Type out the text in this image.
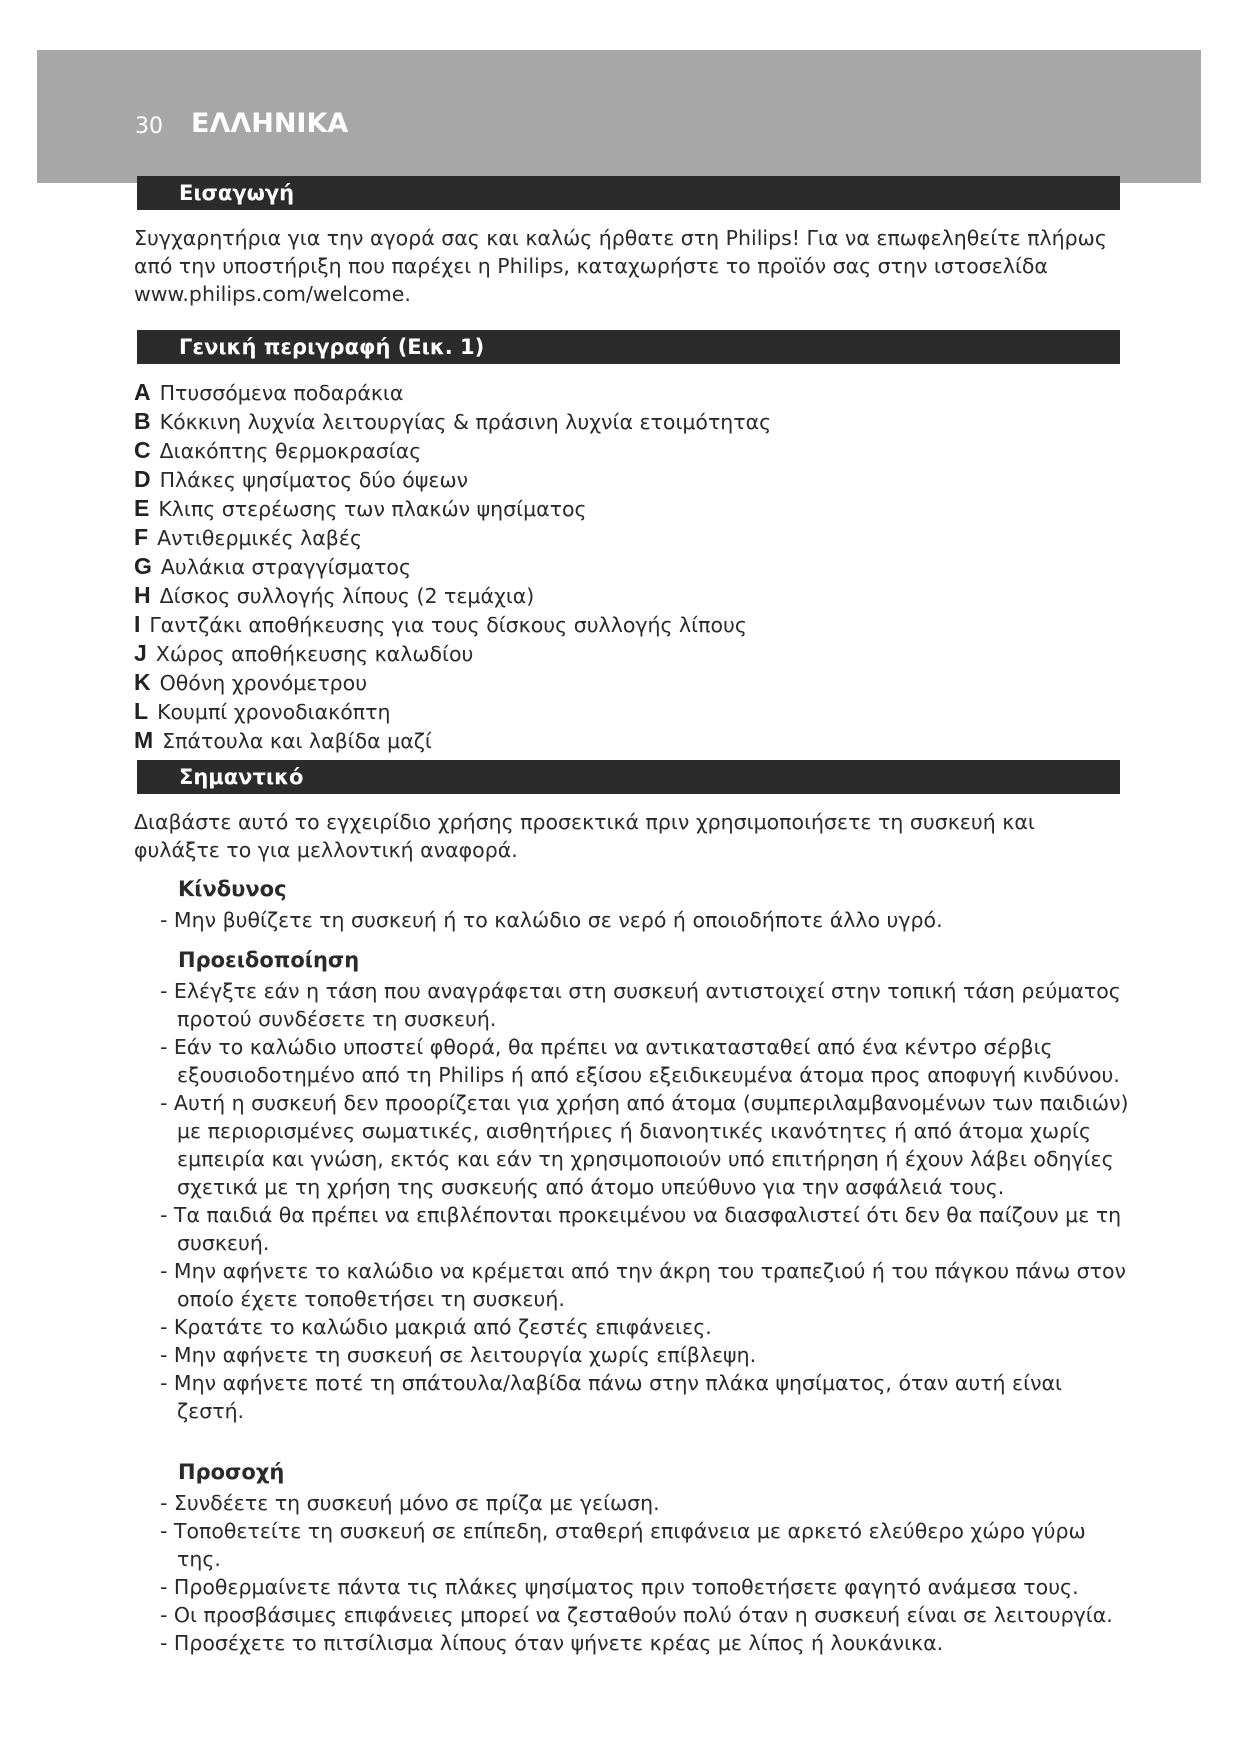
30 ΕΛΛΗΝΙΚΑ
Εισαγωγή

Συγχαρητήρια για την αγορά σας και καλώς ήρθατε στη Philips! Για να επωφεληθείτε πλήρως από την υποστήριξη που παρέχει η Philips, καταχωρήστε το προϊόν σας στην ιστοσελίδα www.philips.com/welcome.

Γενική περιγραφή (Εικ. 1)
A Πτυσσόμενα ποδαράκια
B Κόκκινη λυχνία λειτουργίας & πράσινη λυχνία ετοιμότητας
C Διακόπτης θερμοκρασίας
D Πλάκες ψησίματος δύο όψεων
E Κλιπς στερέωσης των πλακών ψησίματος
F Αντιθερμικές λαβές
G Αυλάκια στραγγίσματος
H Δίσκος συλλογής λίπους (2 τεμάχια)
I Γαντζάκι αποθήκευσης για τους δίσκους συλλογής λίπους
J Χώρος αποθήκευσης καλωδίου
K Οθόνη χρονόμετρου
L Κουμπί χρονοδιακόπτη
M Σπάτουλα και λαβίδα μαζί
Σημαντικό

Διαβάστε αυτό το εγχειρίδιο χρήσης προσεκτικά πριν χρησιμοποιήσετε τη συσκευή και φυλάξτε το για μελλοντική αναφορά.

Κίνδυνος

- Μην βυθίζετε τη συσκευή ή το καλώδιο σε νερό ή οποιοδήποτε άλλο υγρό.

Προειδοποίηση

- Ελέγξτε εάν η τάση που αναγράφεται στη συσκευή αντιστοιχεί στην τοπική τάση ρεύματος προτού συνδέσετε τη συσκευή.
- Εάν το καλώδιο υποστεί φθορά, θα πρέπει να αντικατασταθεί από ένα κέντρο σέρβις εξουσιοδοτημένο από τη Philips ή από εξίσου εξειδικευμένα άτομα προς αποφυγή κινδύνου.
- Αυτή η συσκευή δεν προορίζεται για χρήση από άτομα (συμπεριλαμβανομένων των παιδιών) με περιορισμένες σωματικές, αισθητήριες ή διανοητικές ικανότητες ή από άτομα χωρίς εμπειρία και γνώση, εκτός και εάν τη χρησιμοποιούν υπό επιτήρηση ή έχουν λάβει οδηγίες σχετικά με τη χρήση της συσκευής από άτομο υπεύθυνο για την ασφάλειά τους.
- Τα παιδιά θα πρέπει να επιβλέπονται προκειμένου να διασφαλιστεί ότι δεν θα παίζουν με τη συσκευή.
- Μην αφήνετε το καλώδιο να κρέμεται από την άκρη του τραπεζιού ή του πάγκου πάνω στον οποίο έχετε τοποθετήσει τη συσκευή.
- Κρατάτε το καλώδιο μακριά από ζεστές επιφάνειες.
- Μην αφήνετε τη συσκευή σε λειτουργία χωρίς επίβλεψη.
- Μην αφήνετε ποτέ τη σπάτουλα/λαβίδα πάνω στην πλάκα ψησίματος, όταν αυτή είναι ζεστή.

Προσοχή

- Συνδέετε τη συσκευή μόνο σε πρίζα με γείωση.
- Τοποθετείτε τη συσκευή σε επίπεδη, σταθερή επιφάνεια με αρκετό ελεύθερο χώρο γύρω της.
- Προθερμαίνετε πάντα τις πλάκες ψησίματος πριν τοποθετήσετε φαγητό ανάμεσα τους.
- Οι προσβάσιμες επιφάνειες μπορεί να ζεσταθούν πολύ όταν η συσκευή είναι σε λειτουργία.
- Προσέχετε το πιτσίλισμα λίπους όταν ψήνετε κρέας με λίπος ή λουκάνικα.
